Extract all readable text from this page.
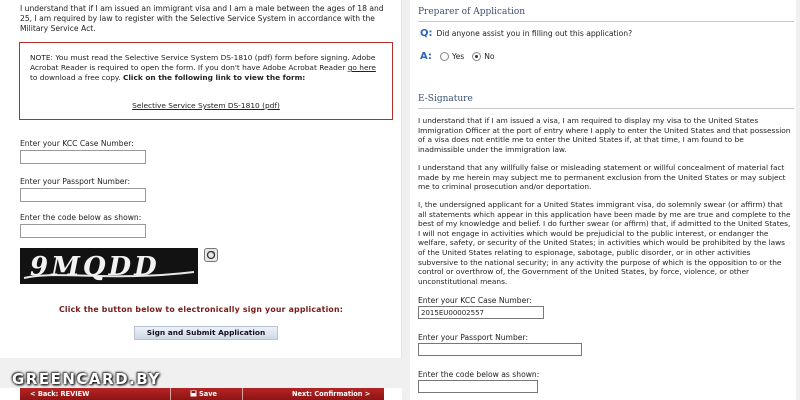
I understand that if I am issued an immigrant visa and I am a male between the ages of 18 and 25, I am required by law to register with the Selective Service System in accordance with the Military Service Act.

NOTE: You must read the Selective Service System DS-1810 (pdf) form before signing. Adobe Acrobat Reader is required to open the form. If you don't have Adobe Acrobat Reader go here to download a free copy. Click on the following link to view the form:
Selective Service System DS-1810 (pdf)
Enter your KCC Case Number:
Enter your Passport Number:
Enter the code below as shown:
9MQDD
Click the button below to electronically sign your application:
Sign and Submit Application
< Back: REVIEW	Save	Next: Confirmation >
GREENCARD.BY
Preparer of Application
Q: Did anyone assist you in filling out this application?
A:	Yes	No
E-Signature

I understand that if I am issued a visa, I am required to display my visa to the United States Immigration Officer at the port of entry where I apply to enter the United States and that possession of a visa does not entitle me to enter the United States if, at that time, I am found to be inadmissible under the immigration law.

I understand that any willfully false or misleading statement or willful concealment of material fact made by me herein may subject me to permanent exclusion from the United States or may subject me to criminal prosecution and/or deportation.

I, the undersigned applicant for a United States immigrant visa, do solemnly swear (or affirm) that all statements which appear in this application have been made by me are true and complete to the best of my knowledge and belief. I do further swear (or affirm) that, if admitted to the United States, I will not engage in activities which would be prejudicial to the public interest, or endanger the welfare, safety, or security of the United States; in activities which would be prohibited by the laws of the United States relating to espionage, sabotage, public disorder, or in other activities subversive to the national security; in any activity the purpose of which is the opposition to or the control or overthrow of, the Government of the United States, by force, violence, or other unconstitutional means.

Enter your KCC Case Number:
2015EU00002557
Enter your Passport Number:
Enter the code below as shown:
